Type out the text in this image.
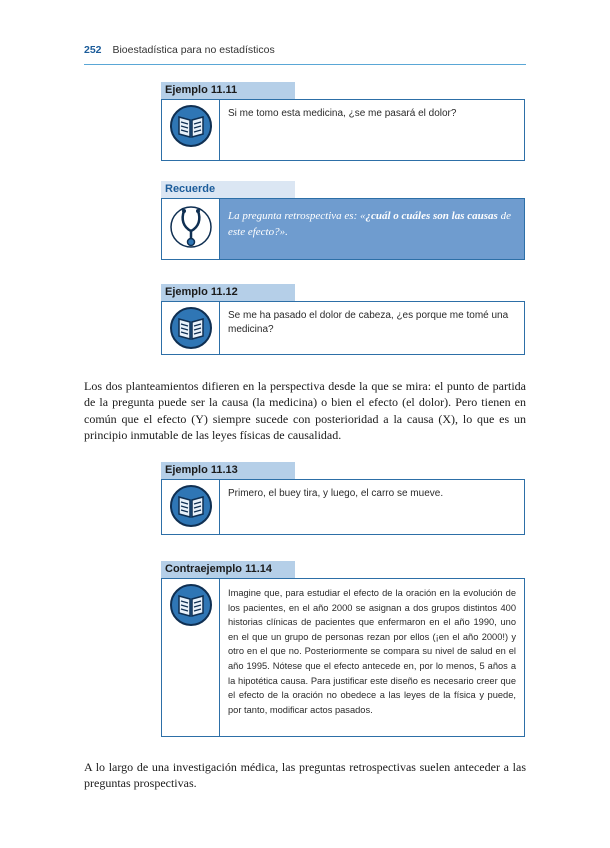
252 Bioestadística para no estadísticos
Ejemplo 11.11
Si me tomo esta medicina, ¿se me pasará el dolor?
Recuerde
La pregunta retrospectiva es: «¿cuál o cuáles son las causas de este efecto?».
Ejemplo 11.12
Se me ha pasado el dolor de cabeza, ¿es porque me tomé una medicina?
Los dos planteamientos difieren en la perspectiva desde la que se mira: el punto de partida de la pregunta puede ser la causa (la medicina) o bien el efecto (el dolor). Pero tienen en común que el efecto (Y) siempre sucede con posterioridad a la causa (X), lo que es un principio inmutable de las leyes físicas de causalidad.
Ejemplo 11.13
Primero, el buey tira, y luego, el carro se mueve.
Contraejemplo 11.14
Imagine que, para estudiar el efecto de la oración en la evolución de los pacientes, en el año 2000 se asignan a dos grupos distintos 400 historias clínicas de pacientes que enfermaron en el año 1990, uno en el que un grupo de personas rezan por ellos (¡en el año 2000!) y otro en el que no. Posteriormente se compara su nivel de salud en el año 1995. Nótese que el efecto antecede en, por lo menos, 5 años a la hipotética causa. Para justificar este diseño es necesario creer que el efecto de la oración no obedece a las leyes de la física y puede, por tanto, modificar actos pasados.
A lo largo de una investigación médica, las preguntas retrospectivas suelen anteceder a las preguntas prospectivas.
